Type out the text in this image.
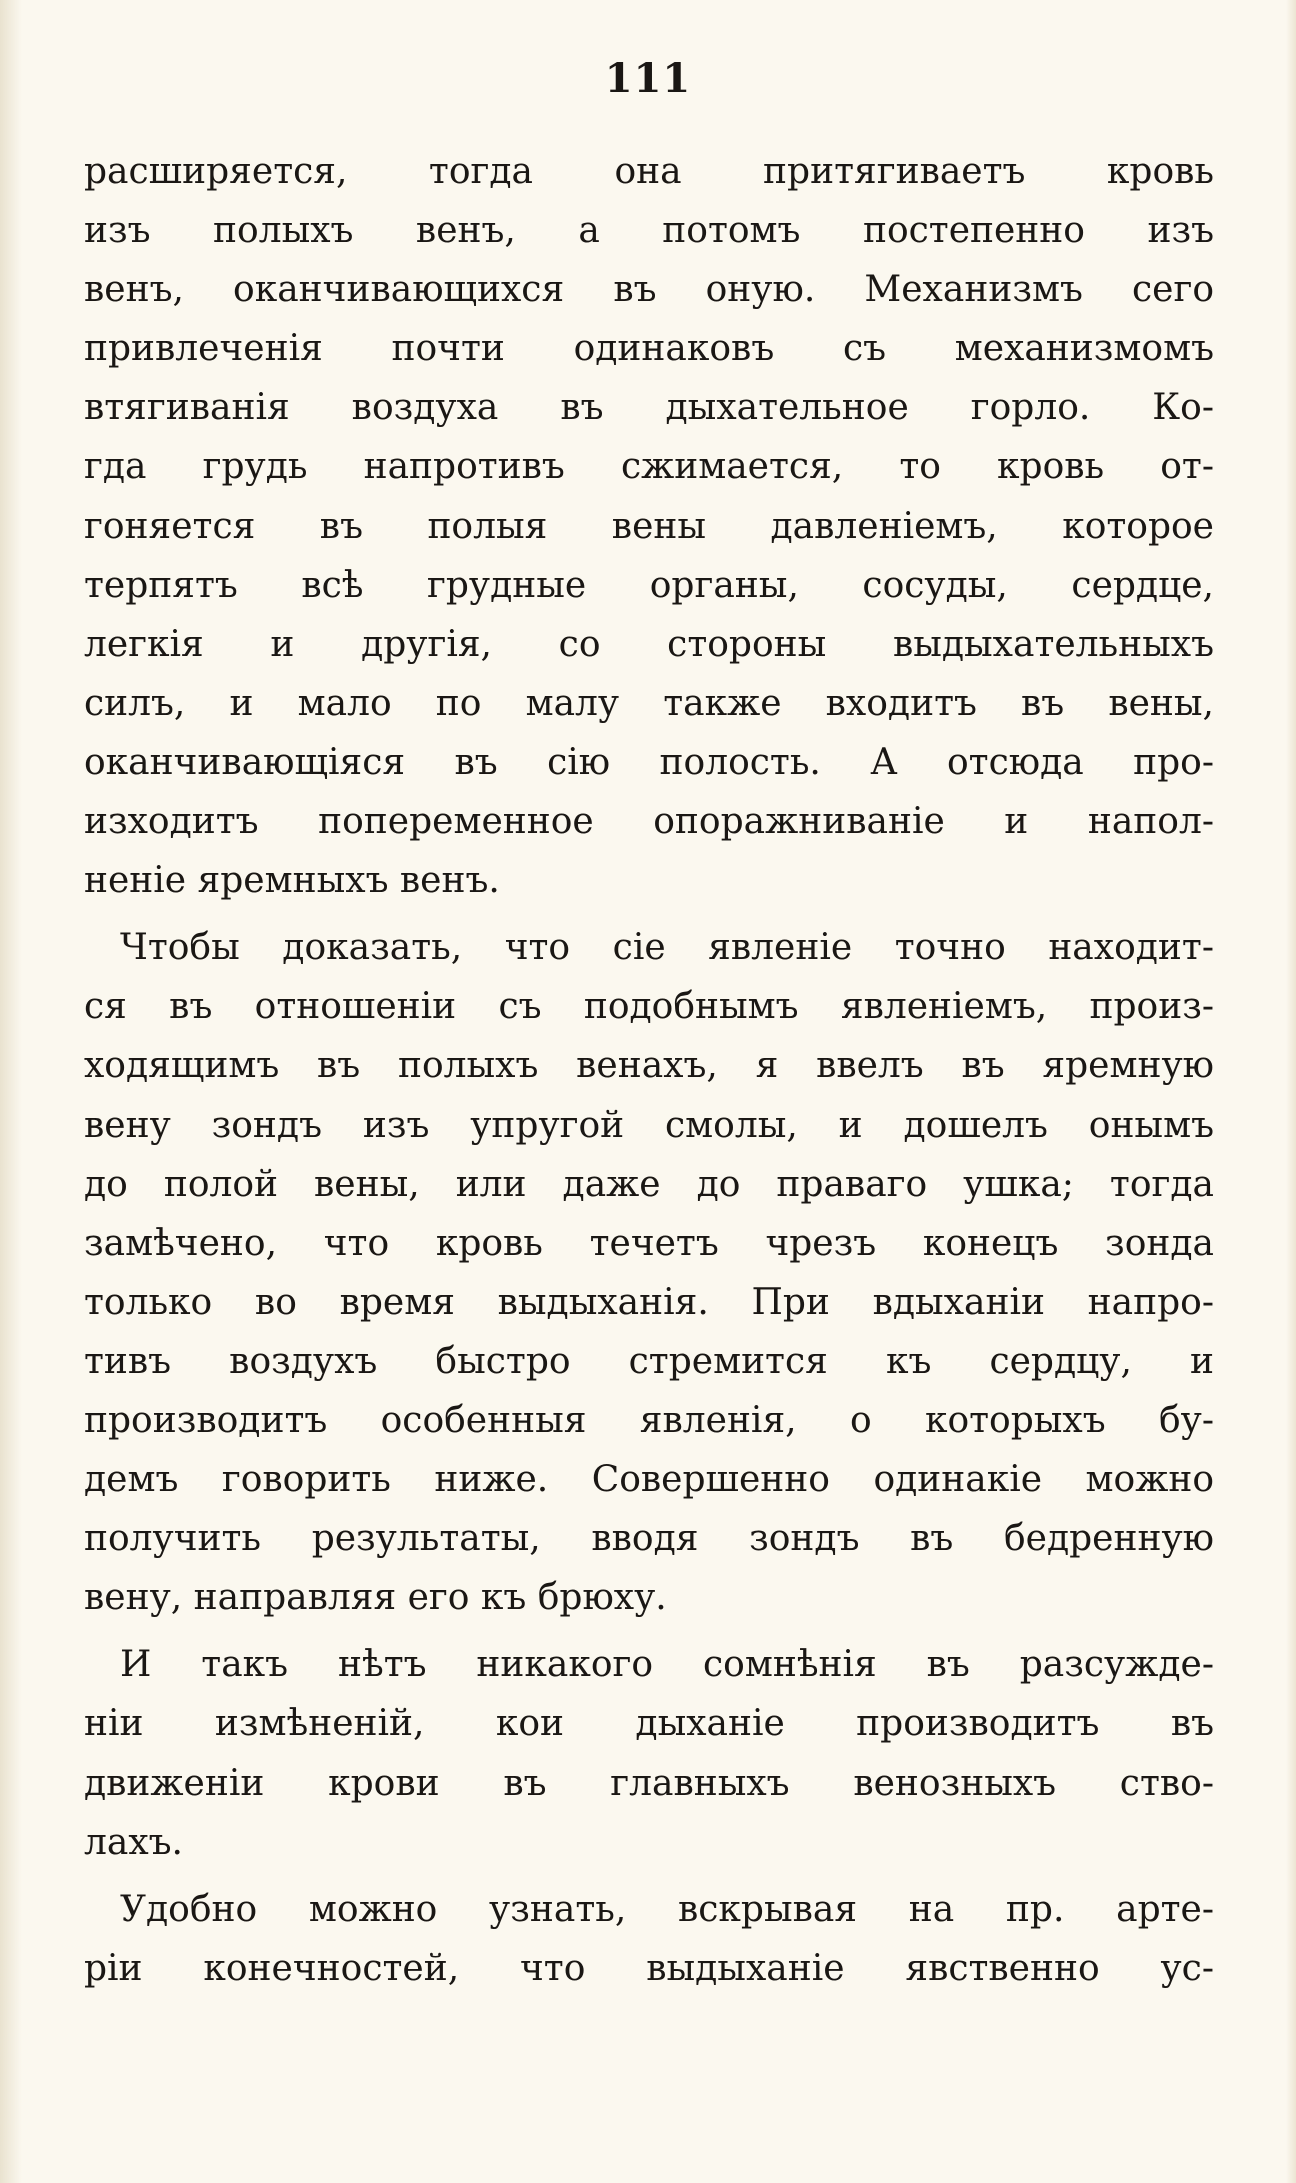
111
расширяется, тогда она притягиваетъ кровь
изъ полыхъ венъ, а потомъ постепенно изъ
венъ, оканчивающихся въ оную. Механизмъ сего
привлеченія почти одинаковъ съ механизмомъ
втягиванія воздуха въ дыхательное горло. Ко-
гда грудь напротивъ сжимается, то кровь от-
гоняется въ полыя вены давленіемъ, которое
терпятъ всѣ грудные органы, сосуды, сердце,
легкія и другія, со стороны выдыхательныхъ
силъ, и мало по малу также входитъ въ вены,
оканчивающіяся въ сію полость. А отсюда про-
изходитъ попеременное опоражниваніе и напол-
неніе яремныхъ венъ.
Чтобы доказать, что сіе явленіе точно находит-
ся въ отношеніи съ подобнымъ явленіемъ, произ-
ходящимъ въ полыхъ венахъ, я ввелъ въ яремную
вену зондъ изъ упругой смолы, и дошелъ онымъ
до полой вены, или даже до праваго ушка; тогда
замѣчено, что кровь течетъ чрезъ конецъ зонда
только во время выдыханія. При вдыханіи напро-
тивъ воздухъ быстро стремится къ сердцу, и
производитъ особенныя явленія, о которыхъ бу-
демъ говорить ниже. Совершенно одинакіе можно
получить результаты, вводя зондъ въ бедренную
вену, направляя его къ брюху.
И такъ нѣтъ никакого сомнѣнія въ разсужде-
ніи измѣненій, кои дыханіе производитъ въ
движеніи крови въ главныхъ венозныхъ ство-
лахъ.
Удобно можно узнать, вскрывая на пр. арте-
ріи конечностей, что выдыханіе явственно ус-
